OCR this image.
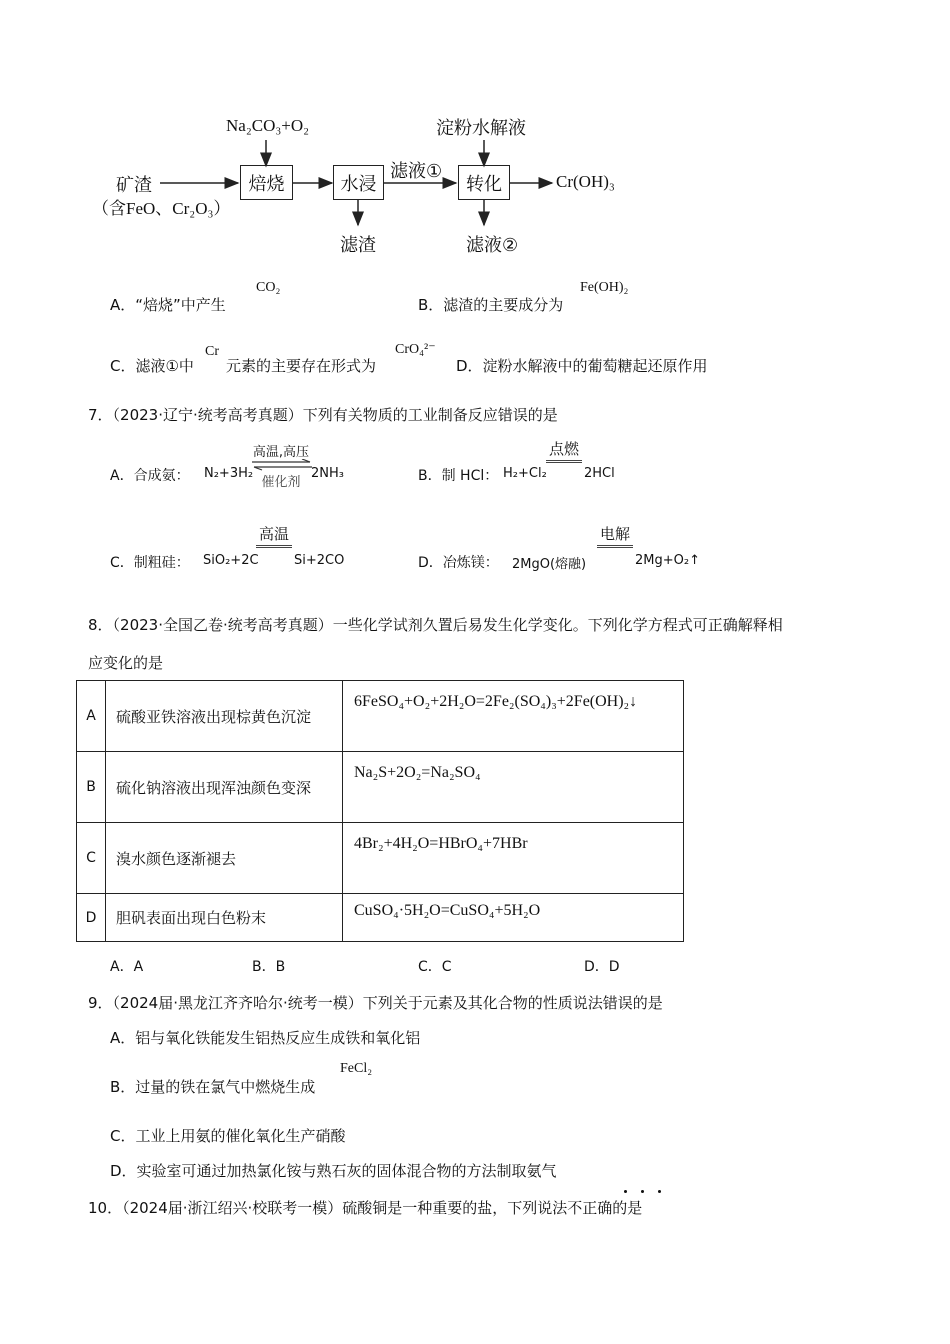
Na₂CO₃+O₂	淀粉水解液
矿渣
（含FeO、Cr₂O₃）
焙烧	水浸
滤液①
转化	Cr(OH)₃
滤渣	滤液②
A．“焙烧”中产生
CO₂
B．滤渣的主要成分为
Fe(OH)₂
C．滤液①中
Cr
元素的主要存在形式为
CrO₄²⁻
D．淀粉水解液中的葡萄糖起还原作用
7．（2023·辽宁·统考高考真题）下列有关物质的工业制备反应错误的是
A．合成氨： N₂+3H₂
高温,高压
催化剂
2NH₃	B．制 HCl： H₂+Cl₂
点燃
2HCl
C．制粗硅： SiO₂+2C
高温
Si+2CO	D．冶炼镁： 2MgO(熔融)
电解
2Mg+O₂↑
8．（2023·全国乙卷·统考高考真题）一些化学试剂久置后易发生化学变化。下列化学方程式可正确解释相
应变化的是
A	硫酸亚铁溶液出现棕黄色沉淀	6FeSO₄+O₂+2H₂O=2Fe₂(SO₄)₃+2Fe(OH)₂↓
B	硫化钠溶液出现浑浊颜色变深	Na₂S+2O₂=Na₂SO₄
C	溴水颜色逐渐褪去	4Br₂+4H₂O=HBrO₄+7HBr
D	胆矾表面出现白色粉末	CuSO₄·5H₂O=CuSO₄+5H₂O
A．A	B．B	C．C	D．D
9．（2024届·黑龙江齐齐哈尔·统考一模）下列关于元素及其化合物的性质说法错误的是
A．铝与氧化铁能发生铝热反应生成铁和氧化铝
B．过量的铁在氯气中燃烧生成
FeCl₂
C．工业上用氨的催化氧化生产硝酸
D．实验室可通过加热氯化铵与熟石灰的固体混合物的方法制取氨气
10．（2024届·浙江绍兴·校联考一模）硫酸铜是一种重要的盐，下列说法不正确的是
